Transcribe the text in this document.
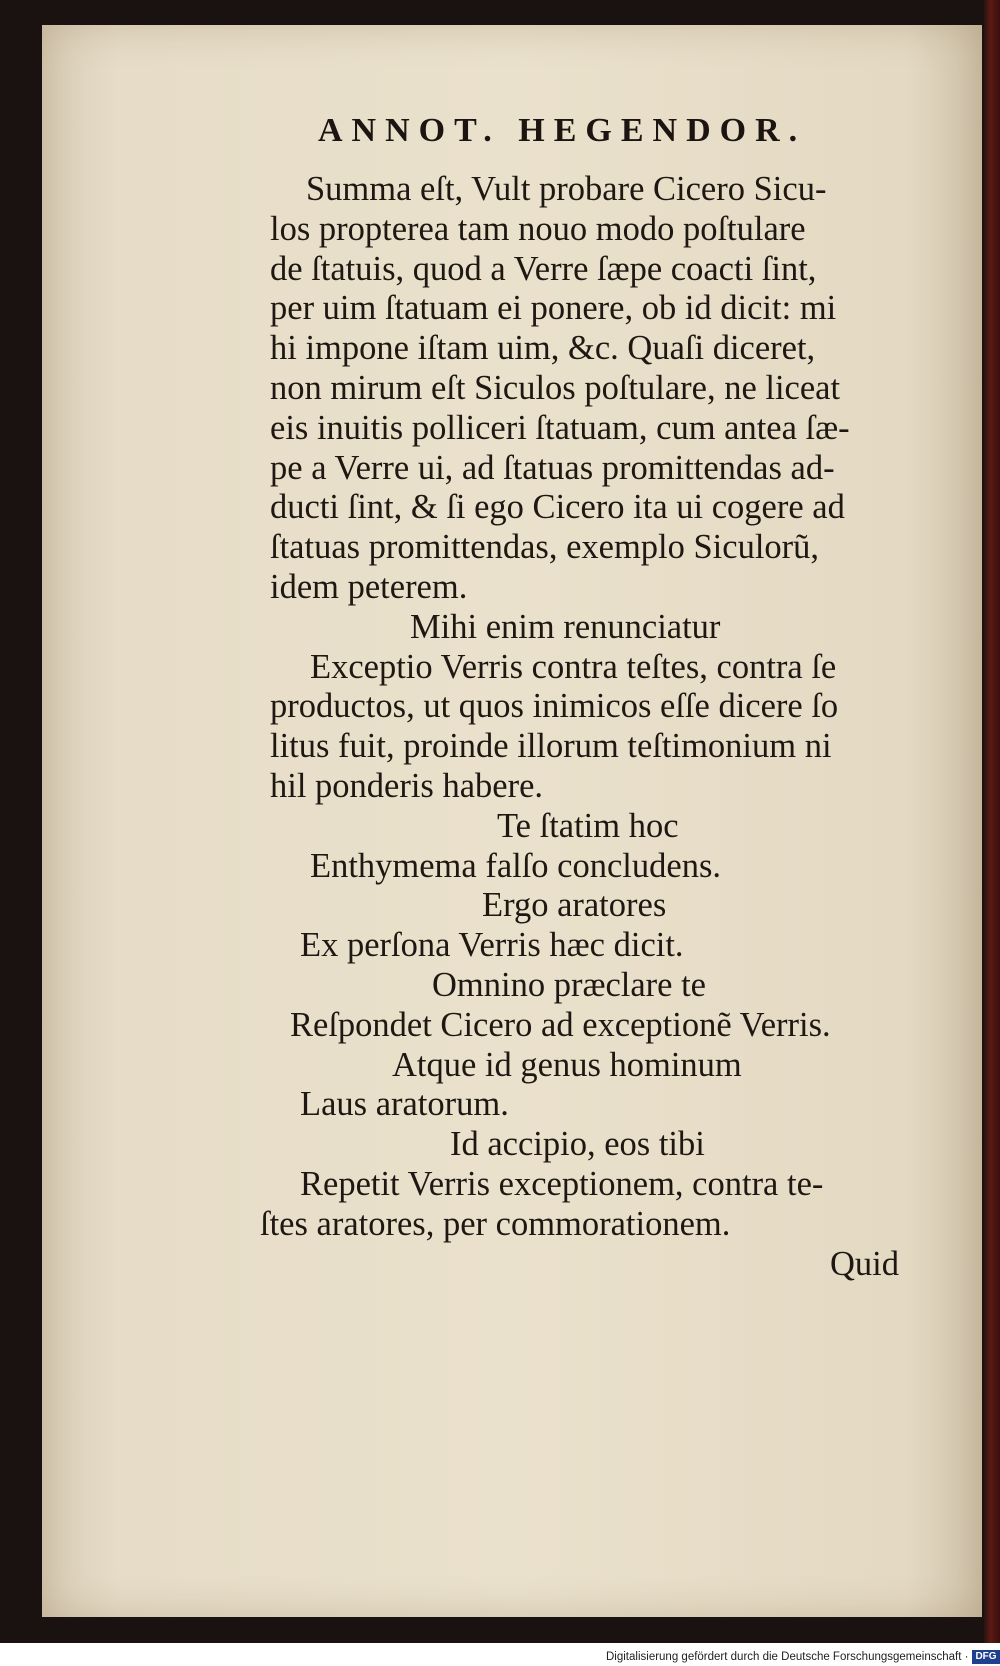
ANNOT. HEGENDOR.
Summa eſt, Vult probare Cicero Sicu-
los propterea tam nouo modo poſtulare
de ſtatuis, quod a Verre ſæpe coacti ſint,
per uim ſtatuam ei ponere, ob id dicit: mi
hi impone iſtam uim, &c. Quaſi diceret,
non mirum eſt Siculos poſtulare, ne liceat
eis inuitis polliceri ſtatuam, cum antea ſæ-
pe a Verre ui, ad ſtatuas promittendas ad-
ducti ſint, & ſi ego Cicero ita ui cogere ad
ſtatuas promittendas, exemplo Siculorũ,
idem peterem.
Mihi enim renunciatur
Exceptio Verris contra teſtes, contra ſe
productos, ut quos inimicos eſſe dicere ſo
litus fuit, proinde illorum teſtimonium ni
hil ponderis habere.
Te ſtatim hoc
Enthymema falſo concludens.
Ergo aratores
Ex perſona Verris hæc dicit.
Omnino præclare te
Reſpondet Cicero ad exceptionẽ Verris.
Atque id genus hominum
Laus aratorum.
Id accipio, eos tibi
Repetit Verris exceptionem, contra te-
ſtes aratores, per commorationem.
Quid
Digitalisierung gefördert durch die Deutsche Forschungsgemeinschaft · DFG
